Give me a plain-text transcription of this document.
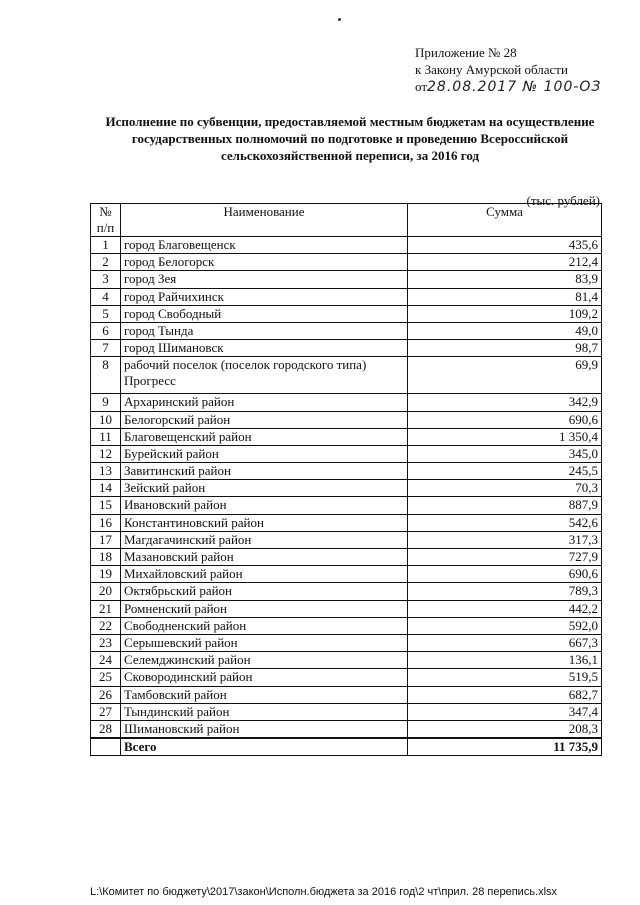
Приложение № 28
к Закону Амурской области
от28.08.2017 № 100-ОЗ
Исполнение по субвенции, предоставляемой местным бюджетам на осуществление государственных полномочий по подготовке и проведению Всероссийской сельскохозяйственной переписи, за 2016 год
(тыс. рублей)
№ п/п	Наименование	Сумма
1	город Благовещенск	435,6
2	город Белогорск	212,4
3	город Зея	83,9
4	город Райчихинск	81,4
5	город Свободный	109,2
6	город Тында	49,0
7	город Шимановск	98,7
8	рабочий поселок (поселок городского типа) Прогресс	69,9
9	Архаринский район	342,9
10	Белогорский район	690,6
11	Благовещенский район	1 350,4
12	Бурейский район	345,0
13	Завитинский район	245,5
14	Зейский район	70,3
15	Ивановский район	887,9
16	Константиновский район	542,6
17	Магдагачинский район	317,3
18	Мазановский район	727,9
19	Михайловский район	690,6
20	Октябрьский район	789,3
21	Ромненский район	442,2
22	Свободненский район	592,0
23	Серышевский район	667,3
24	Селемджинский район	136,1
25	Сковородинский район	519,5
26	Тамбовский район	682,7
27	Тындинский район	347,4
28	Шимановский район	208,3
	Всего	11 735,9
L:\Комитет по бюджету\2017\закон\Исполн.бюджета за 2016 год\2 чт\прил. 28 перепись.xlsx
